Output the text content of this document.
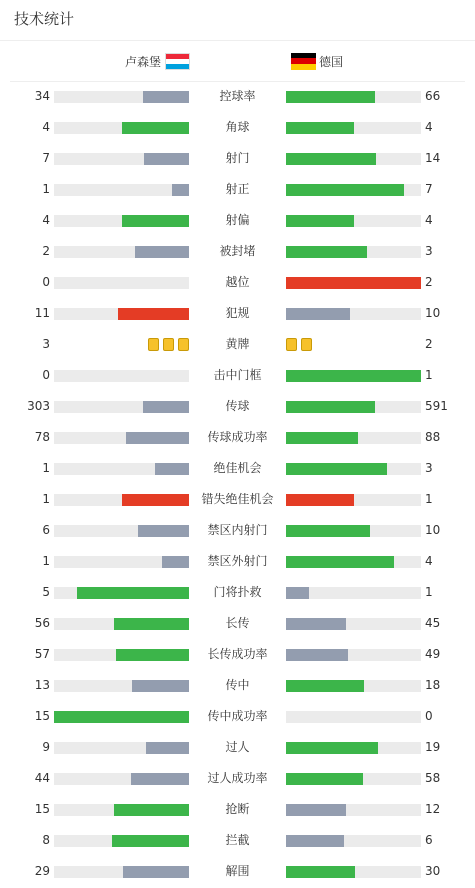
技术统计
卢森堡	德国
34	控球率	66
4	角球	4
7	射门	14
1	射正	7
4	射偏	4
2	被封堵	3
0	越位	2
11	犯规	10
3	黄牌	2
0	击中门框	1
303	传球	591
78	传球成功率	88
1	绝佳机会	3
1	错失绝佳机会	1
6	禁区内射门	10
1	禁区外射门	4
5	门将扑救	1
56	长传	45
57	长传成功率	49
13	传中	18
15	传中成功率	0
9	过人	19
44	过人成功率	58
15	抢断	12
8	拦截	6
29	解围	30
